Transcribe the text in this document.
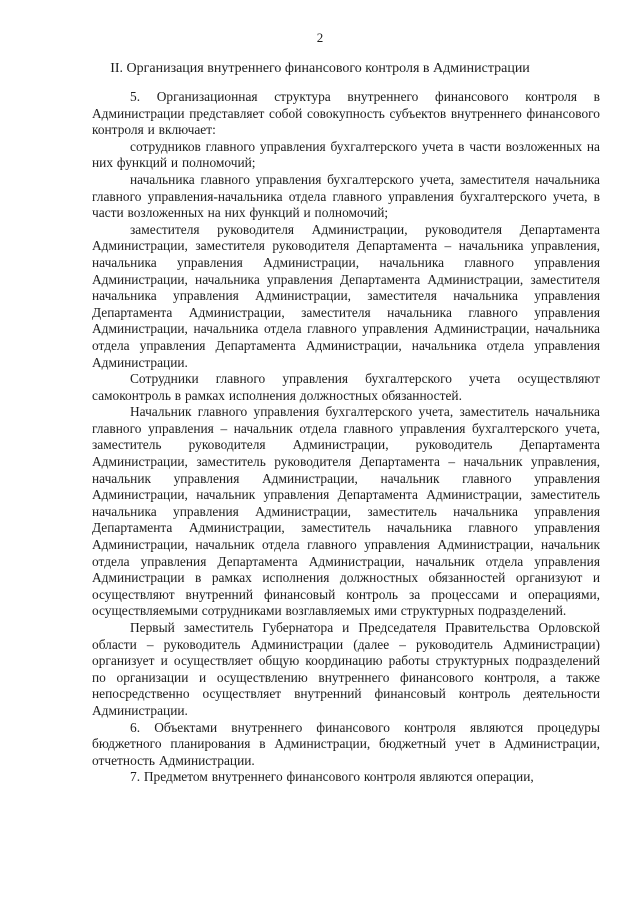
2
II. Организация внутреннего финансового контроля в Администрации

5. Организационная структура внутреннего финансового контроля в Администрации представляет собой совокупность субъектов внутреннего финансового контроля и включает:

сотрудников главного управления бухгалтерского учета в части возложенных на них функций и полномочий;

начальника главного управления бухгалтерского учета, заместителя начальника главного управления-начальника отдела главного управления бухгалтерского учета, в части возложенных на них функций и полномочий;

заместителя руководителя Администрации, руководителя Департамента Администрации, заместителя руководителя Департамента – начальника управления, начальника управления Администрации, начальника главного управления Администрации, начальника управления Департамента Администрации, заместителя начальника управления Администрации, заместителя начальника управления Департамента Администрации, заместителя начальника главного управления Администрации, начальника отдела главного управления Администрации, начальника отдела управления Департамента Администрации, начальника отдела управления Администрации.

Сотрудники главного управления бухгалтерского учета осуществляют самоконтроль в рамках исполнения должностных обязанностей.

Начальник главного управления бухгалтерского учета, заместитель начальника главного управления – начальник отдела главного управления бухгалтерского учета, заместитель руководителя Администрации, руководитель Департамента Администрации, заместитель руководителя Департамента – начальник управления, начальник управления Администрации, начальник главного управления Администрации, начальник управления Департамента Администрации, заместитель начальника управления Администрации, заместитель начальника управления Департамента Администрации, заместитель начальника главного управления Администрации, начальник отдела главного управления Администрации, начальник отдела управления Департамента Администрации, начальник отдела управления Администрации в рамках исполнения должностных обязанностей организуют и осуществляют внутренний финансовый контроль за процессами и операциями, осуществляемыми сотрудниками возглавляемых ими структурных подразделений.

Первый заместитель Губернатора и Председателя Правительства Орловской области – руководитель Администрации (далее – руководитель Администрации) организует и осуществляет общую координацию работы структурных подразделений по организации и осуществлению внутреннего финансового контроля, а также непосредственно осуществляет внутренний финансовый контроль деятельности Администрации.

6. Объектами внутреннего финансового контроля являются процедуры бюджетного планирования в Администрации, бюджетный учет в Администрации, отчетность Администрации.

7. Предметом внутреннего финансового контроля являются операции,
